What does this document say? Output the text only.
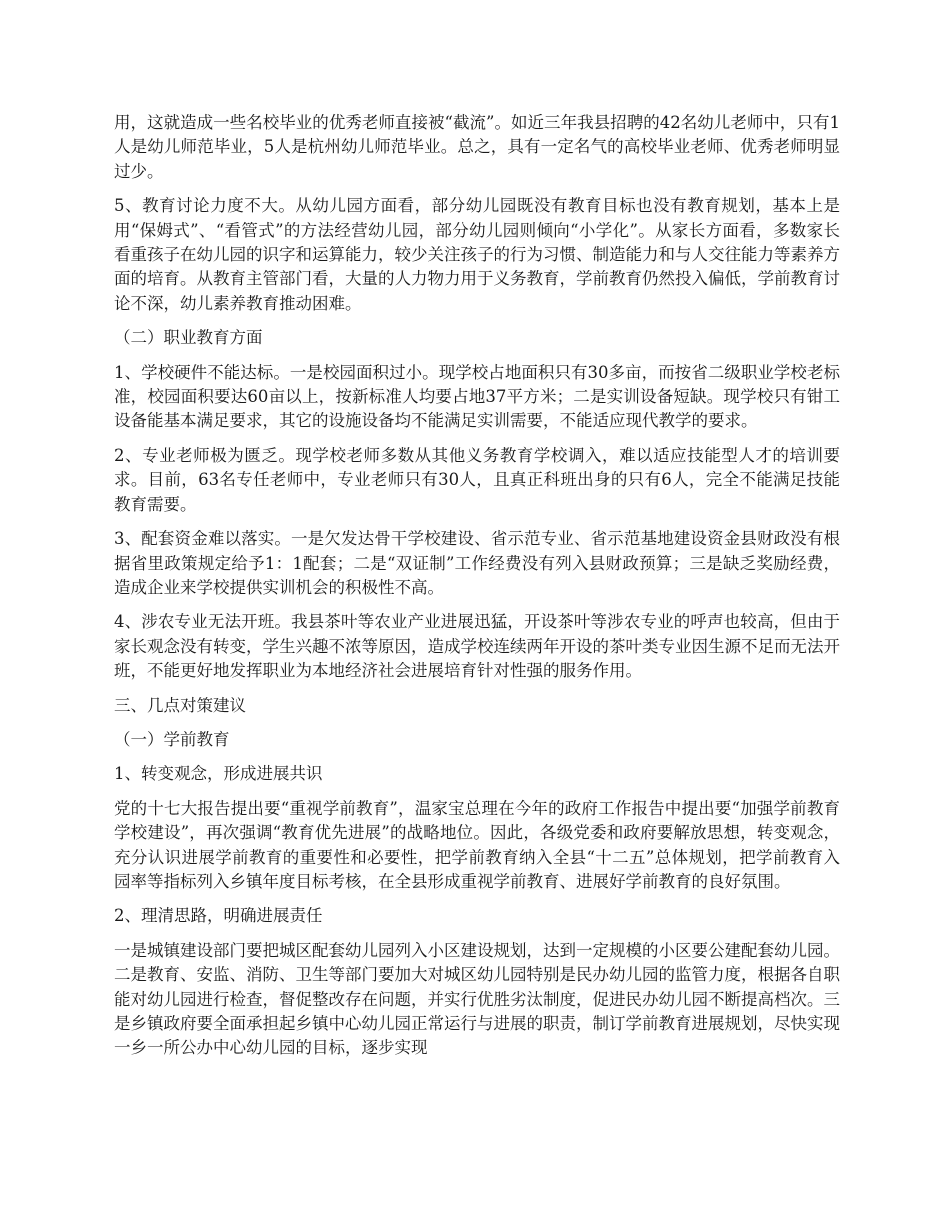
用，这就造成一些名校毕业的优秀老师直接被“截流”。如近三年我县招聘的42名幼儿老师中，只有1人是幼儿师范毕业，5人是杭州幼儿师范毕业。总之，具有一定名气的高校毕业老师、优秀老师明显过少。

5、教育讨论力度不大。从幼儿园方面看，部分幼儿园既没有教育目标也没有教育规划，基本上是用“保姆式”、“看管式”的方法经营幼儿园，部分幼儿园则倾向“小学化”。从家长方面看，多数家长看重孩子在幼儿园的识字和运算能力，较少关注孩子的行为习惯、制造能力和与人交往能力等素养方面的培育。从教育主管部门看，大量的人力物力用于义务教育，学前教育仍然投入偏低，学前教育讨论不深，幼儿素养教育推动困难。

（二）职业教育方面

1、学校硬件不能达标。一是校园面积过小。现学校占地面积只有30多亩，而按省二级职业学校老标准，校园面积要达60亩以上，按新标准人均要占地37平方米；二是实训设备短缺。现学校只有钳工设备能基本满足要求，其它的设施设备均不能满足实训需要，不能适应现代教学的要求。

2、专业老师极为匮乏。现学校老师多数从其他义务教育学校调入，难以适应技能型人才的培训要求。目前，63名专任老师中，专业老师只有30人，且真正科班出身的只有6人，完全不能满足技能教育需要。

3、配套资金难以落实。一是欠发达骨干学校建设、省示范专业、省示范基地建设资金县财政没有根据省里政策规定给予1：1配套；二是“双证制”工作经费没有列入县财政预算；三是缺乏奖励经费，造成企业来学校提供实训机会的积极性不高。

4、涉农专业无法开班。我县茶叶等农业产业进展迅猛，开设茶叶等涉农专业的呼声也较高，但由于家长观念没有转变，学生兴趣不浓等原因，造成学校连续两年开设的茶叶类专业因生源不足而无法开班，不能更好地发挥职业为本地经济社会进展培育针对性强的服务作用。

三、几点对策建议

（一）学前教育

1、转变观念，形成进展共识

党的十七大报告提出要“重视学前教育”，温家宝总理在今年的政府工作报告中提出要“加强学前教育学校建设”，再次强调“教育优先进展”的战略地位。因此，各级党委和政府要解放思想，转变观念，充分认识进展学前教育的重要性和必要性，把学前教育纳入全县“十二五”总体规划，把学前教育入园率等指标列入乡镇年度目标考核，在全县形成重视学前教育、进展好学前教育的良好氛围。

2、理清思路，明确进展责任

一是城镇建设部门要把城区配套幼儿园列入小区建设规划，达到一定规模的小区要公建配套幼儿园。二是教育、安监、消防、卫生等部门要加大对城区幼儿园特别是民办幼儿园的监管力度，根据各自职能对幼儿园进行检查，督促整改存在问题，并实行优胜劣汰制度，促进民办幼儿园不断提高档次。三是乡镇政府要全面承担起乡镇中心幼儿园正常运行与进展的职责，制订学前教育进展规划，尽快实现一乡一所公办中心幼儿园的目标，逐步实现
